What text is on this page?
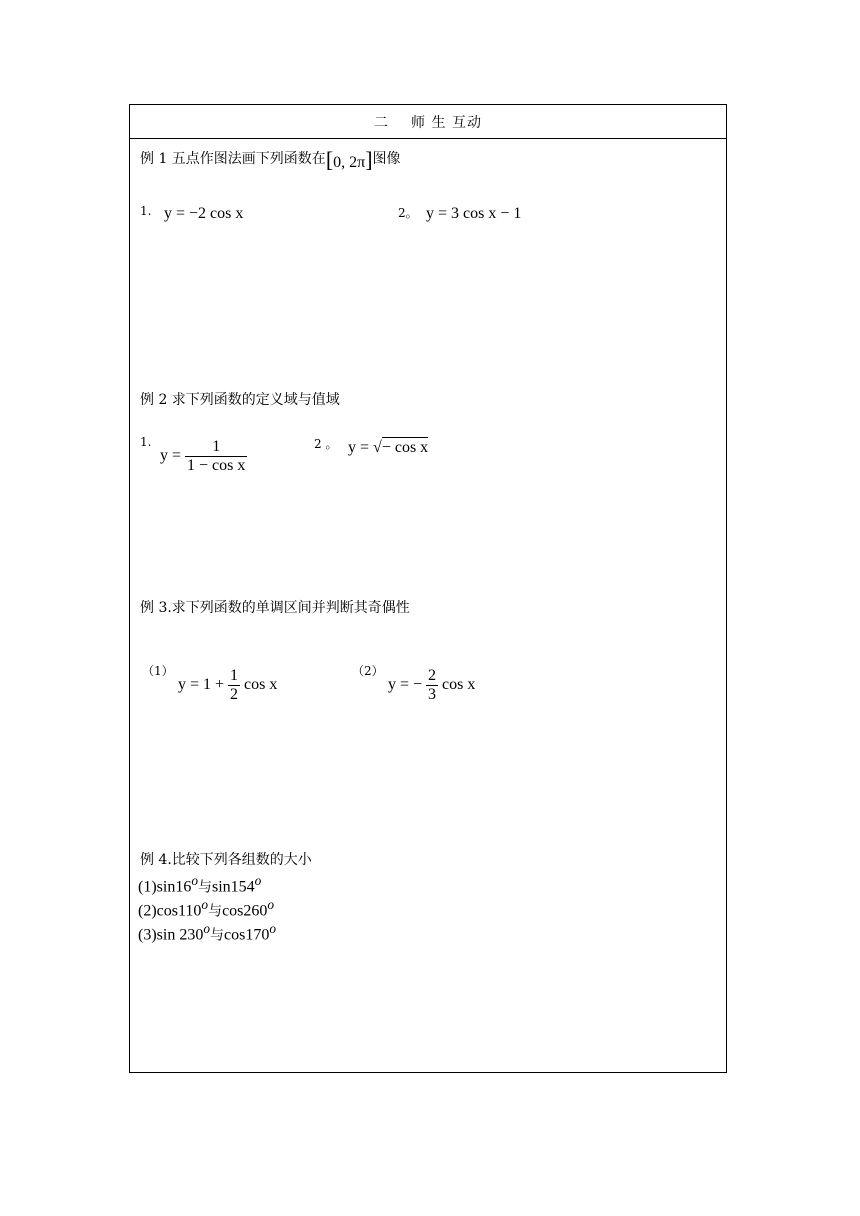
二 师 生 互动
例 1 五点作图法画下列函数在[0, 2π]图像
1. y = −2 cos x	2。 y = 3 cos x − 1
例 2 求下列函数的定义域与值域
1.
$y = \frac{1}{\text{1 − cos x}}$	2 。 y = √− cos x
例 3.求下列函数的单调区间并判断其奇偶性
（1）
$y = 1 + \frac{1}{2}$ cos x
（2）
y = − $\frac{2}{3}$ cos x
例 4.比较下列各组数的大小
(1)sin16$^o$与sin154$^o$
(2)cos110$^o$与cos260$^o$
(3)sin 230$^o$与cos170$^o$
